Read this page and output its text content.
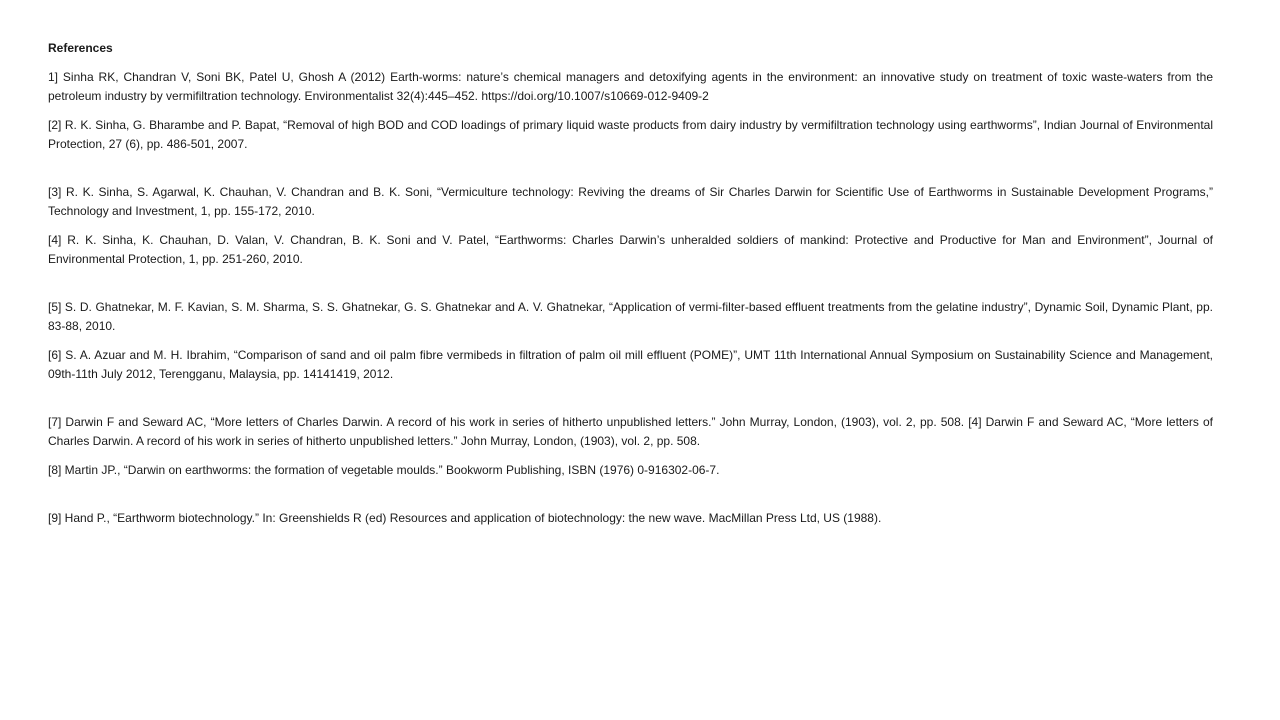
References

1] Sinha RK, Chandran V, Soni BK, Patel U, Ghosh A (2012) Earth-worms: nature’s chemical managers and detoxifying agents in the environment: an innovative study on treatment of toxic waste-waters from the petroleum industry by vermifiltration technology. Environmentalist 32(4):445–452. https://doi.org/10.1007/s10669-012-9409-2

[2] R. K. Sinha, G. Bharambe and P. Bapat, “Removal of high BOD and COD loadings of primary liquid waste products from dairy industry by vermifiltration technology using earthworms”, Indian Journal of Environmental Protection, 27 (6), pp. 486-501, 2007.

[3] R. K. Sinha, S. Agarwal, K. Chauhan, V. Chandran and B. K. Soni, “Vermiculture technology: Reviving the dreams of Sir Charles Darwin for Scientific Use of Earthworms in Sustainable Development Programs,” Technology and Investment, 1, pp. 155-172, 2010.

[4] R. K. Sinha, K. Chauhan, D. Valan, V. Chandran, B. K. Soni and V. Patel, “Earthworms: Charles Darwin’s unheralded soldiers of mankind: Protective and Productive for Man and Environment”, Journal of Environmental Protection, 1, pp. 251-260, 2010.

[5] S. D. Ghatnekar, M. F. Kavian, S. M. Sharma, S. S. Ghatnekar, G. S. Ghatnekar and A. V. Ghatnekar, “Application of vermi-filter-based effluent treatments from the gelatine industry”, Dynamic Soil, Dynamic Plant, pp. 83-88, 2010.

[6] S. A. Azuar and M. H. Ibrahim, “Comparison of sand and oil palm fibre vermibeds in filtration of palm oil mill effluent (POME)”, UMT 11th International Annual Symposium on Sustainability Science and Management, 09th-11th July 2012, Terengganu, Malaysia, pp. 14141419, 2012.

[7] Darwin F and Seward AC, “More letters of Charles Darwin. A record of his work in series of hitherto unpublished letters.” John Murray, London, (1903), vol. 2, pp. 508. [4] Darwin F and Seward AC, “More letters of Charles Darwin. A record of his work in series of hitherto unpublished letters.” John Murray, London, (1903), vol. 2, pp. 508.

[8] Martin JP., “Darwin on earthworms: the formation of vegetable moulds.” Bookworm Publishing, ISBN (1976) 0-916302-06-7.

[9] Hand P., “Earthworm biotechnology.” In: Greenshields R (ed) Resources and application of biotechnology: the new wave. MacMillan Press Ltd, US (1988).
